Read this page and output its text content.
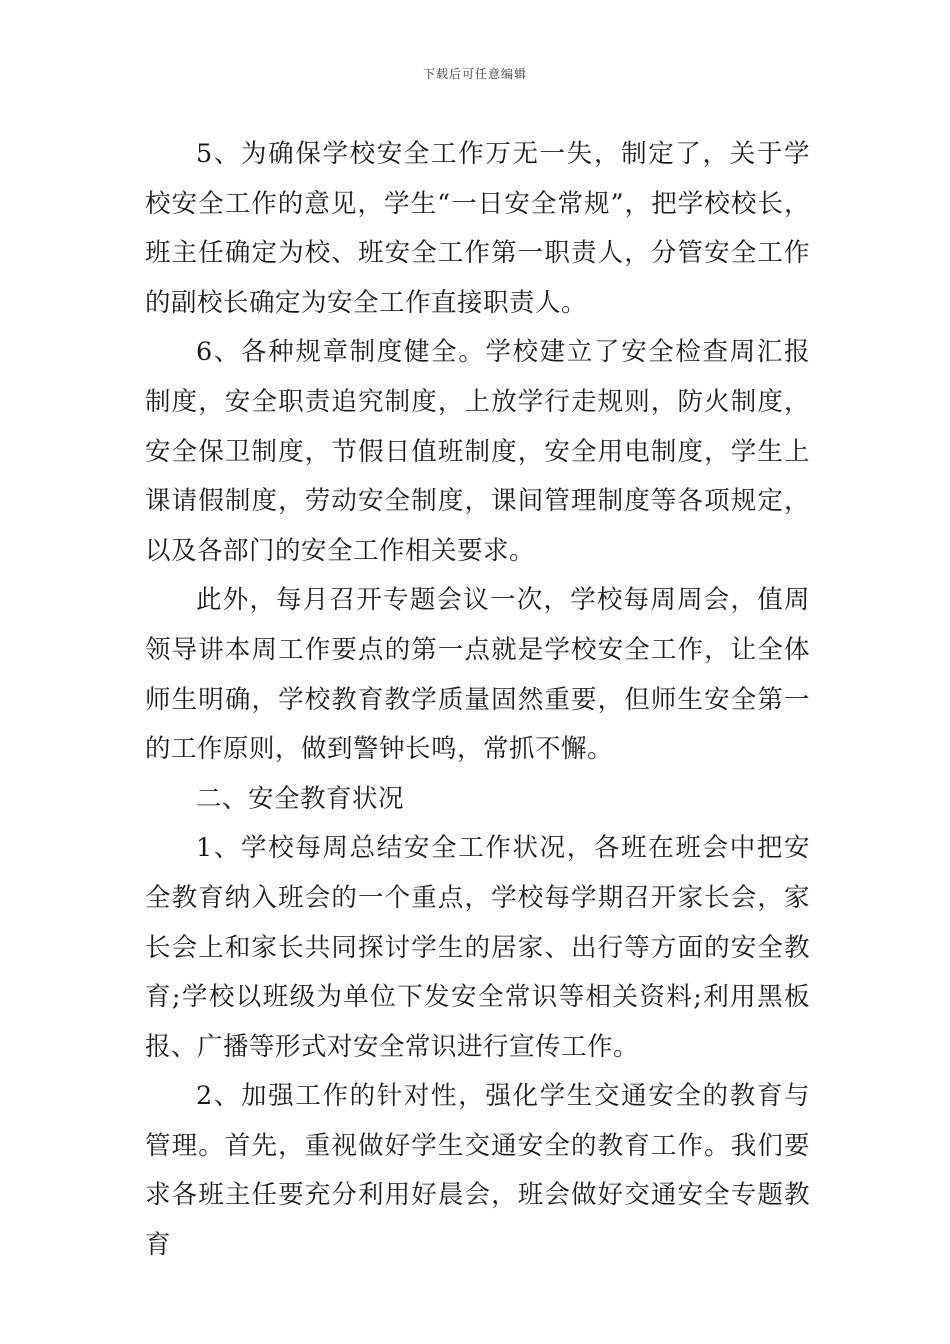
下载后可任意编辑

5、为确保学校安全工作万无一失，制定了，关于学校安全工作的意见，学生“一日安全常规”，把学校校长，班主任确定为校、班安全工作第一职责人，分管安全工作的副校长确定为安全工作直接职责人。

6、各种规章制度健全。学校建立了安全检查周汇报制度，安全职责追究制度，上放学行走规则，防火制度，安全保卫制度，节假日值班制度，安全用电制度，学生上课请假制度，劳动安全制度，课间管理制度等各项规定，以及各部门的安全工作相关要求。

此外，每月召开专题会议一次，学校每周周会，值周领导讲本周工作要点的第一点就是学校安全工作，让全体师生明确，学校教育教学质量固然重要，但师生安全第一的工作原则，做到警钟长鸣，常抓不懈。

二、安全教育状况

1、学校每周总结安全工作状况，各班在班会中把安全教育纳入班会的一个重点，学校每学期召开家长会，家长会上和家长共同探讨学生的居家、出行等方面的安全教育;学校以班级为单位下发安全常识等相关资料;利用黑板报、广播等形式对安全常识进行宣传工作。

2、加强工作的针对性，强化学生交通安全的教育与管理。首先，重视做好学生交通安全的教育工作。我们要求各班主任要充分利用好晨会，班会做好交通安全专题教育
